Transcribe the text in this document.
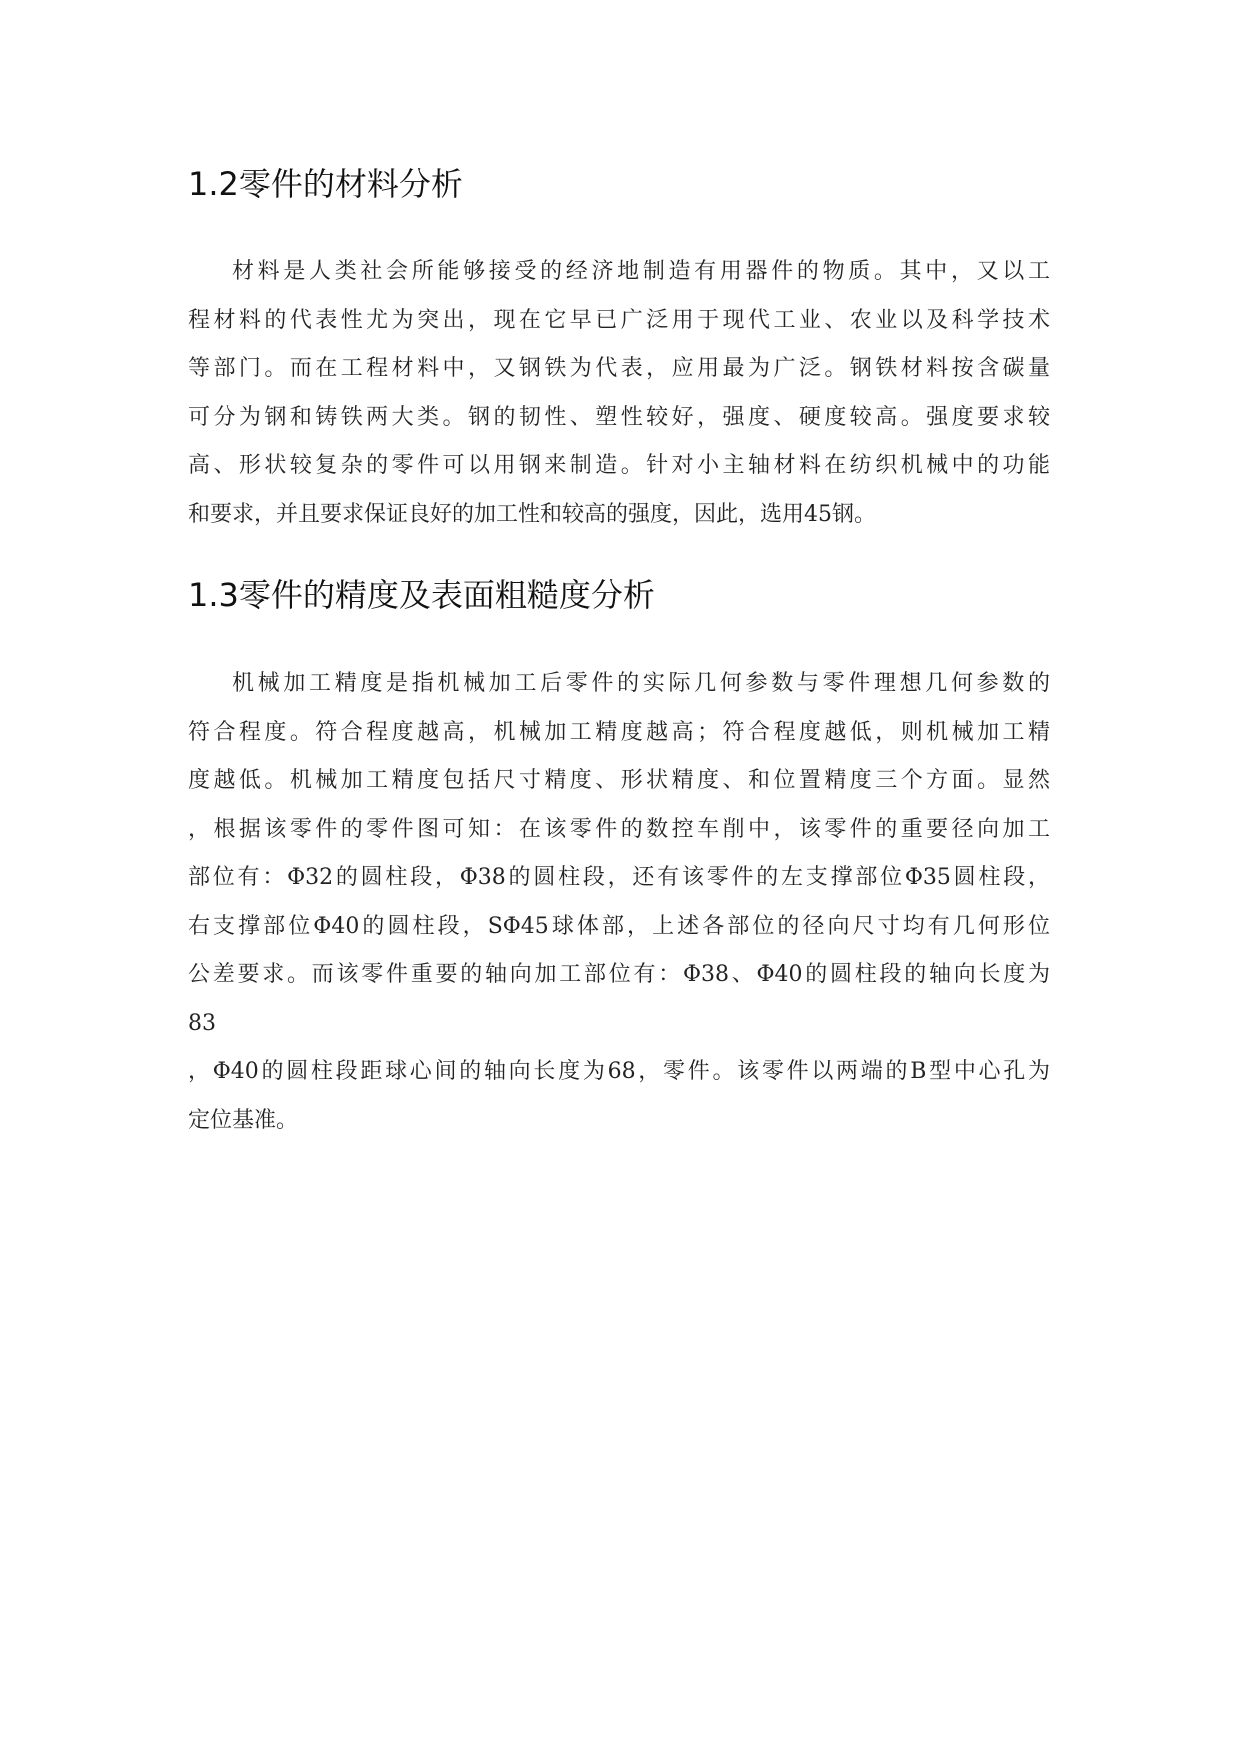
1.2零件的材料分析
材料是人类社会所能够接受的经济地制造有用器件的物质。其中，又以工
程材料的代表性尤为突出，现在它早已广泛用于现代工业、农业以及科学技术
等部门。而在工程材料中，又钢铁为代表，应用最为广泛。钢铁材料按含碳量
可分为钢和铸铁两大类。钢的韧性、塑性较好，强度、硬度较高。强度要求较
高、形状较复杂的零件可以用钢来制造。针对小主轴材料在纺织机械中的功能
和要求，并且要求保证良好的加工性和较高的强度，因此，选用45钢。
1.3零件的精度及表面粗糙度分析
机械加工精度是指机械加工后零件的实际几何参数与零件理想几何参数的
符合程度。符合程度越高，机械加工精度越高；符合程度越低，则机械加工精
度越低。机械加工精度包括尺寸精度、形状精度、和位置精度三个方面。显然
，根据该零件的零件图可知：在该零件的数控车削中，该零件的重要径向加工
部位有：Φ32的圆柱段，Φ38的圆柱段，还有该零件的左支撑部位Φ35圆柱段，
右支撑部位Φ40的圆柱段，SΦ45球体部，上述各部位的径向尺寸均有几何形位
公差要求。而该零件重要的轴向加工部位有：Φ38、Φ40的圆柱段的轴向长度为
83
，Φ40的圆柱段距球心间的轴向长度为68，零件。该零件以两端的B型中心孔为
定位基准。
